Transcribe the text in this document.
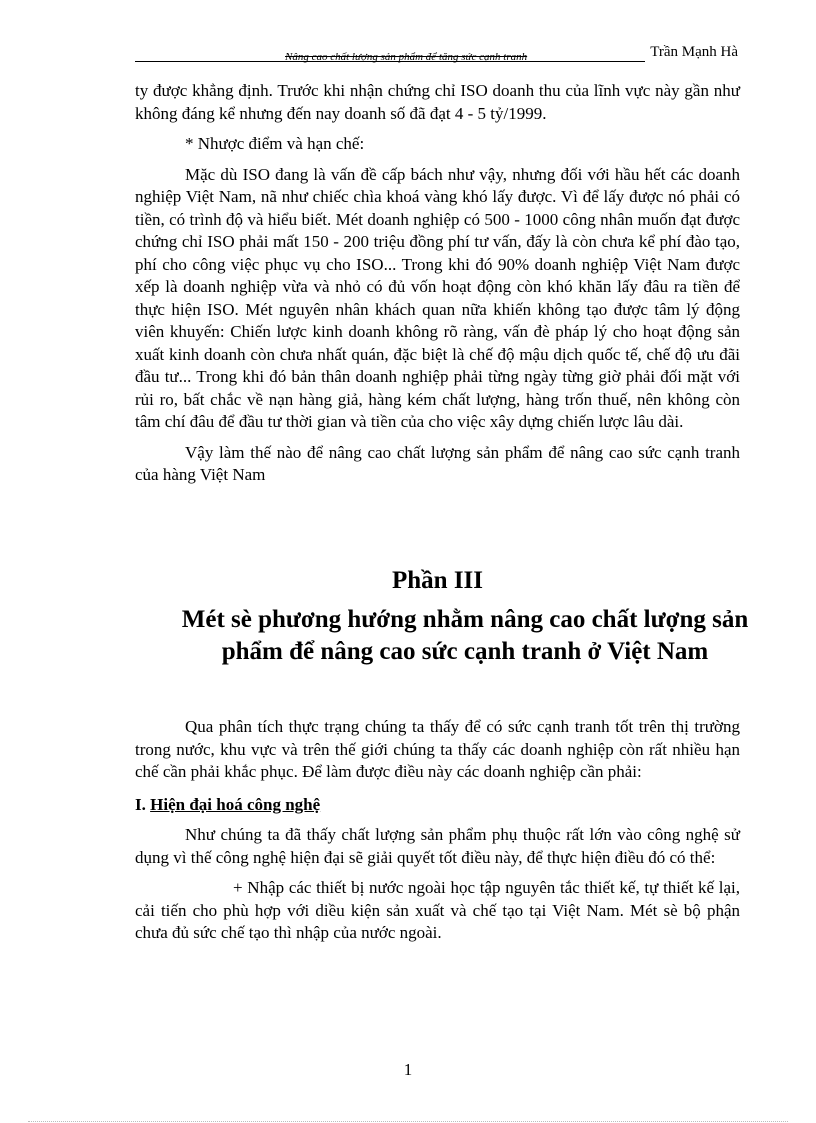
Nâng cao chất lượng sản phẩm để tăng sức cạnh tranh	Trần Mạnh Hà

ty được khẳng định. Trước khi nhận chứng chỉ ISO doanh thu của lĩnh vực này gần như không đáng kể nhưng đến nay doanh số đã đạt 4 - 5 tỷ/1999.

* Nhược điểm và hạn chế:

Mặc dù ISO đang là vấn đề cấp bách như vậy, nhưng đối với hầu hết các doanh nghiệp Việt Nam, nã như chiếc chìa khoá vàng khó lấy được. Vì để lấy được nó phải có tiền, có trình độ và hiểu biết. Mét doanh nghiệp có 500 - 1000 công nhân muốn đạt được chứng chỉ ISO phải mất 150 - 200 triệu đồng phí tư vấn, đấy là còn chưa kể phí đào tạo, phí cho công việc phục vụ cho ISO... Trong khi đó 90% doanh nghiệp Việt Nam được xếp là doanh nghiệp vừa và nhỏ có đủ vốn hoạt động còn khó khăn lấy đâu ra tiền để thực hiện ISO. Mét nguyên nhân khách quan nữa khiến không tạo được tâm lý động viên khuyến: Chiến lược kinh doanh không rõ ràng, vấn đè pháp lý cho hoạt động sản xuất kinh doanh còn chưa nhất quán, đặc biệt là chế độ mậu dịch quốc tế, chế độ ưu đãi đầu tư... Trong khi đó bản thân doanh nghiệp phải từng ngày từng giờ phải đối mặt với rủi ro, bất chắc về nạn hàng giả, hàng kém chất lượng, hàng trốn thuế, nên không còn tâm chí đâu để đầu tư thời gian và tiền của cho việc xây dựng chiến lược lâu dài.

Vậy làm thế nào để nâng cao chất lượng sản phẩm để nâng cao sức cạnh tranh của hàng Việt Nam

Phần III
Mét sè phương hướng nhằm nâng cao chất lượng sản phẩm để nâng cao sức cạnh tranh ở Việt Nam

Qua phân tích thực trạng chúng ta thấy để có sức cạnh tranh tốt trên thị trường trong nước, khu vực và trên thế giới chúng ta thấy các doanh nghiệp còn rất nhiều hạn chế cần phải khắc phục. Để làm được điều này các doanh nghiệp cần phải:

I. Hiện đại hoá công nghệ

Như chúng ta đã thấy chất lượng sản phẩm phụ thuộc rất lớn vào công nghệ sử dụng vì thế công nghệ hiện đại sẽ giải quyết tốt điều này, để thực hiện điều đó có thể:

+ Nhập các thiết bị nước ngoài học tập nguyên tắc thiết kế, tự thiết kế lại, cải tiến cho phù hợp với diều kiện sản xuất và chế tạo tại Việt Nam. Mét sè bộ phận chưa đủ sức chế tạo thì nhập của nước ngoài.

1
